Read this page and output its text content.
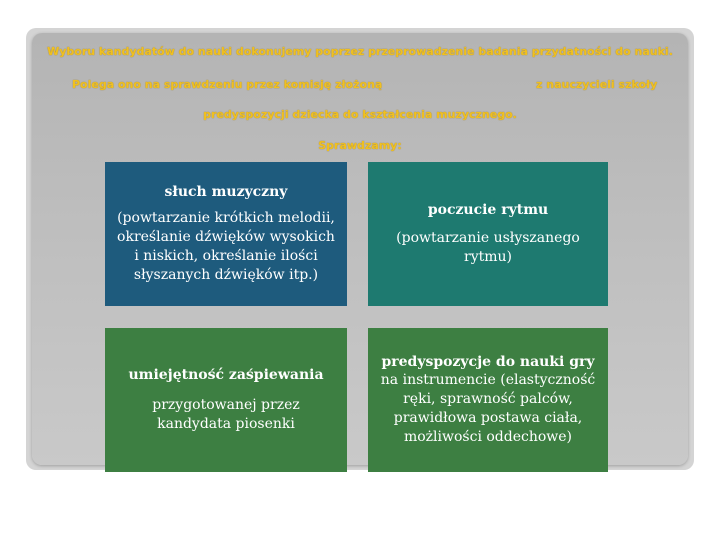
Wyboru kandydatów do nauki dokonujemy poprzez przeprowadzenie badania przydatności do nauki.
Polega ono na sprawdzeniu przez komisję złożoną	z nauczycieli szkoły
predyspozycji dziecka do kształcenia muzycznego.
Sprawdzamy:
słuch muzyczny
(powtarzanie krótkich melodii, określanie dźwięków wysokich i niskich, określanie ilości słyszanych dźwięków itp.)
poczucie rytmu
(powtarzanie usłyszanego rytmu)
umiejętność zaśpiewania
przygotowanej przez kandydata piosenki
predyspozycje do nauki gry
na instrumencie (elastyczność ręki, sprawność palców, prawidłowa postawa ciała, możliwości oddechowe)
